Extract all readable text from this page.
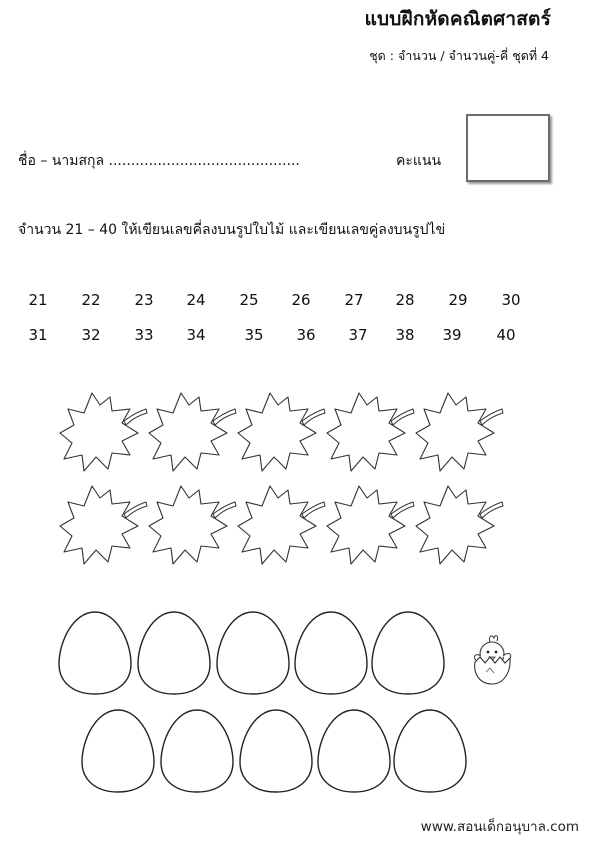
แบบฝึกหัดคณิตศาสตร์
ชุด : จำนวน / จำนวนคู่-คี่ ชุดที่ 4
ชื่อ – นามสกุล ...........................................	คะแนน
จำนวน 21 – 40 ให้เขียนเลขคี่ลงบนรูปใบไม้ และเขียนเลขคู่ลงบนรูปไข่
21 22 23 24 25 26 27 28 29 30
31 32 33 34	35 36 37 38 39 40
www.สอนเด็กอนุบาล.com
